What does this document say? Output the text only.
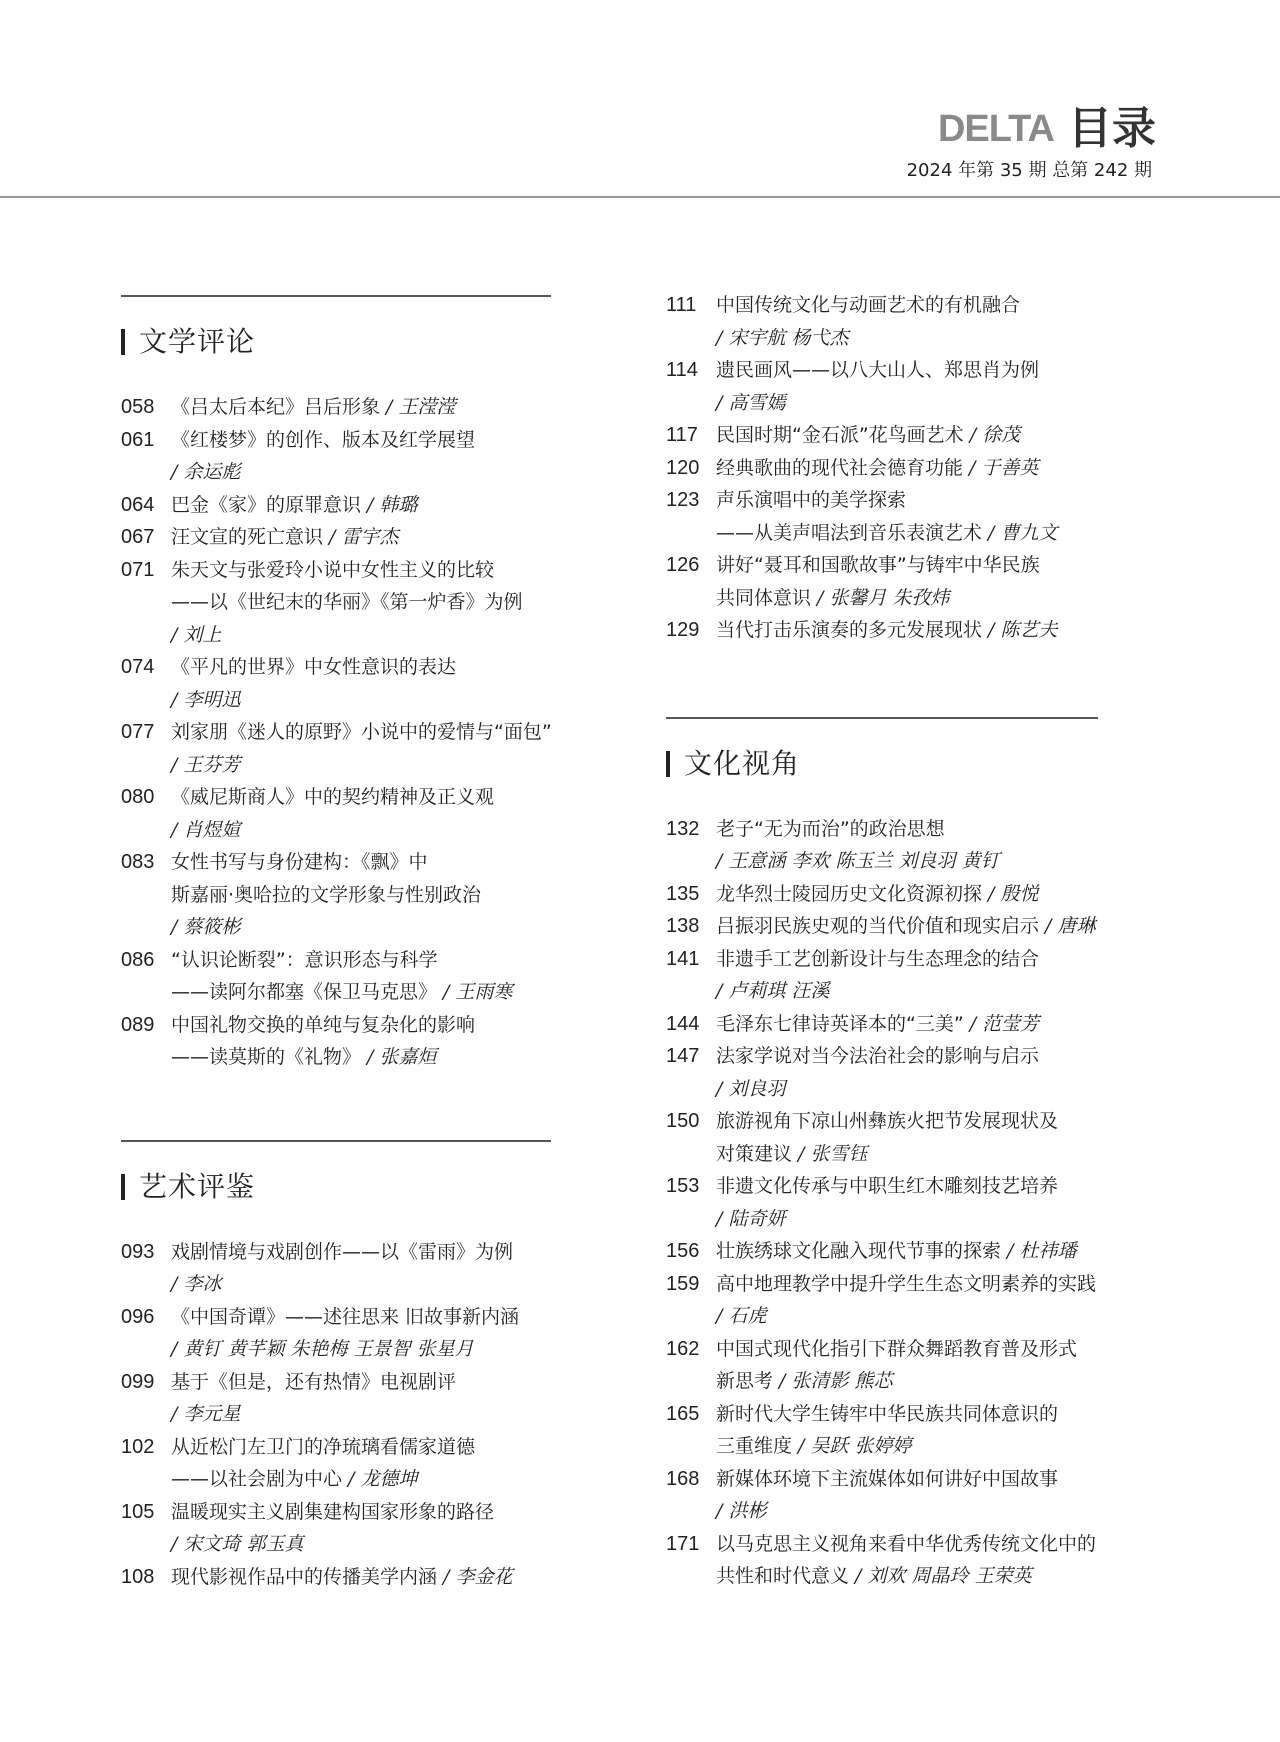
DELTA 目录
2024 年第 35 期 总第 242 期
文学评论
058 《吕太后本纪》吕后形象 / 王滢滢
061 《红楼梦》的创作、版本及红学展望
/ 余运彪
064 巴金《家》的原罪意识 / 韩璐
067 汪文宣的死亡意识 / 雷宇杰
071 朱天文与张爱玲小说中女性主义的比较
——以《世纪末的华丽》《第一炉香》为例
/ 刘上
074 《平凡的世界》中女性意识的表达
/ 李明迅
077 刘家朋《迷人的原野》小说中的爱情与“面包”
/ 王芬芳
080 《威尼斯商人》中的契约精神及正义观
/ 肖煜媗
083 女性书写与身份建构：《飘》中
斯嘉丽·奥哈拉的文学形象与性别政治
/ 蔡筱彬
086 “认识论断裂”：意识形态与科学
——读阿尔都塞《保卫马克思》 / 王雨寒
089 中国礼物交换的单纯与复杂化的影响
——读莫斯的《礼物》 / 张嘉烜
艺术评鉴
093 戏剧情境与戏剧创作——以《雷雨》为例
/ 李冰
096 《中国奇谭》——述往思来 旧故事新内涵
/ 黄钉 黄芊颖 朱艳梅 王景智 张星月
099 基于《但是，还有热情》电视剧评
/ 李元星
102 从近松门左卫门的净琉璃看儒家道德
——以社会剧为中心 / 龙德坤
105 温暖现实主义剧集建构国家形象的路径
/ 宋文琦 郭玉真
108 现代影视作品中的传播美学内涵 / 李金花
111	中国传统文化与动画艺术的有机融合
/ 宋宇航 杨弋杰
114 遗民画风——以八大山人、郑思肖为例
/ 高雪嫣
117 民国时期“金石派”花鸟画艺术 / 徐茂
120 经典歌曲的现代社会德育功能 / 于善英
123 声乐演唱中的美学探索
——从美声唱法到音乐表演艺术 / 曹九文
126 讲好“聂耳和国歌故事”与铸牢中华民族
共同体意识 / 张馨月 朱孜炜
129 当代打击乐演奏的多元发展现状 / 陈艺夫
文化视角
132 老子“无为而治”的政治思想
/ 王意涵 李欢 陈玉兰 刘良羽 黄钉
135 龙华烈士陵园历史文化资源初探 / 殷悦
138 吕振羽民族史观的当代价值和现实启示 / 唐琳
141 非遗手工艺创新设计与生态理念的结合
/ 卢莉琪 汪溪
144 毛泽东七律诗英译本的“三美” / 范莹芳
147 法家学说对当今法治社会的影响与启示
/ 刘良羽
150 旅游视角下凉山州彝族火把节发展现状及
对策建议 / 张雪钰
153 非遗文化传承与中职生红木雕刻技艺培养
/ 陆奇妍
156 壮族绣球文化融入现代节事的探索 / 杜祎璠
159 高中地理教学中提升学生生态文明素养的实践
/ 石虎
162 中国式现代化指引下群众舞蹈教育普及形式
新思考 / 张清影 熊芯
165 新时代大学生铸牢中华民族共同体意识的
三重维度 / 吴跃 张婷婷
168 新媒体环境下主流媒体如何讲好中国故事
/ 洪彬
171 以马克思主义视角来看中华优秀传统文化中的
共性和时代意义 / 刘欢 周晶玲 王荣英
